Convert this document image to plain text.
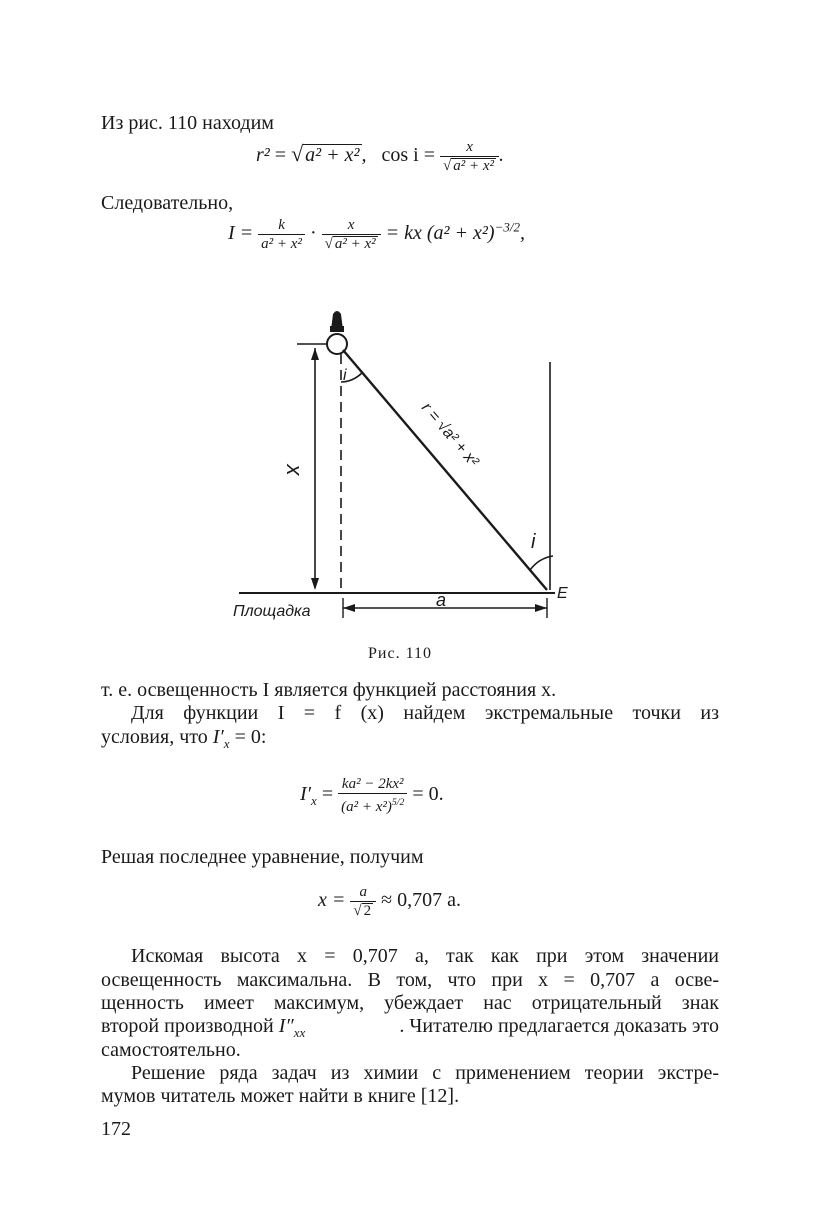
Из рис. 110 находим
r² = √ a² + x² , $\cos i = \frac{x}{\text{√ a² + x²}}$ .
Следовательно,
$I = \frac{k}{\text{a² + x²}} \cdot \frac{x}{\text{√ a² + x²}}$ = kx $(a^2 + x^2)^{-3/2}$,
x
i
i
r = √a² + x²
a	E
Площадка
Рис. 110
т. е. освещенность I является функцией расстояния x.
Для функции I = f (x) найдем экстремальные точки из
условия, что $I'_x = 0$:
$I'_x = \frac{\text{ka² − 2kx²}}{(a^2 + x^2)^{5/2}} = 0$.
Решая последнее уравнение, получим
$x = \frac{a}{√ 2} \approx 0,707$ a.
Искомая высота x = 0,707 a, так как при этом значении
освещенность максимальна. В том, что при x = 0,707 a осве-
щенность имеет максимум, убеждает нас отрицательный знак
второй производной $I''_{xx}$	. Читателю предлагается доказать это
самостоятельно.
Решение ряда задач из химии с применением теории экстре-
мумов читатель может найти в книге [12].
172
